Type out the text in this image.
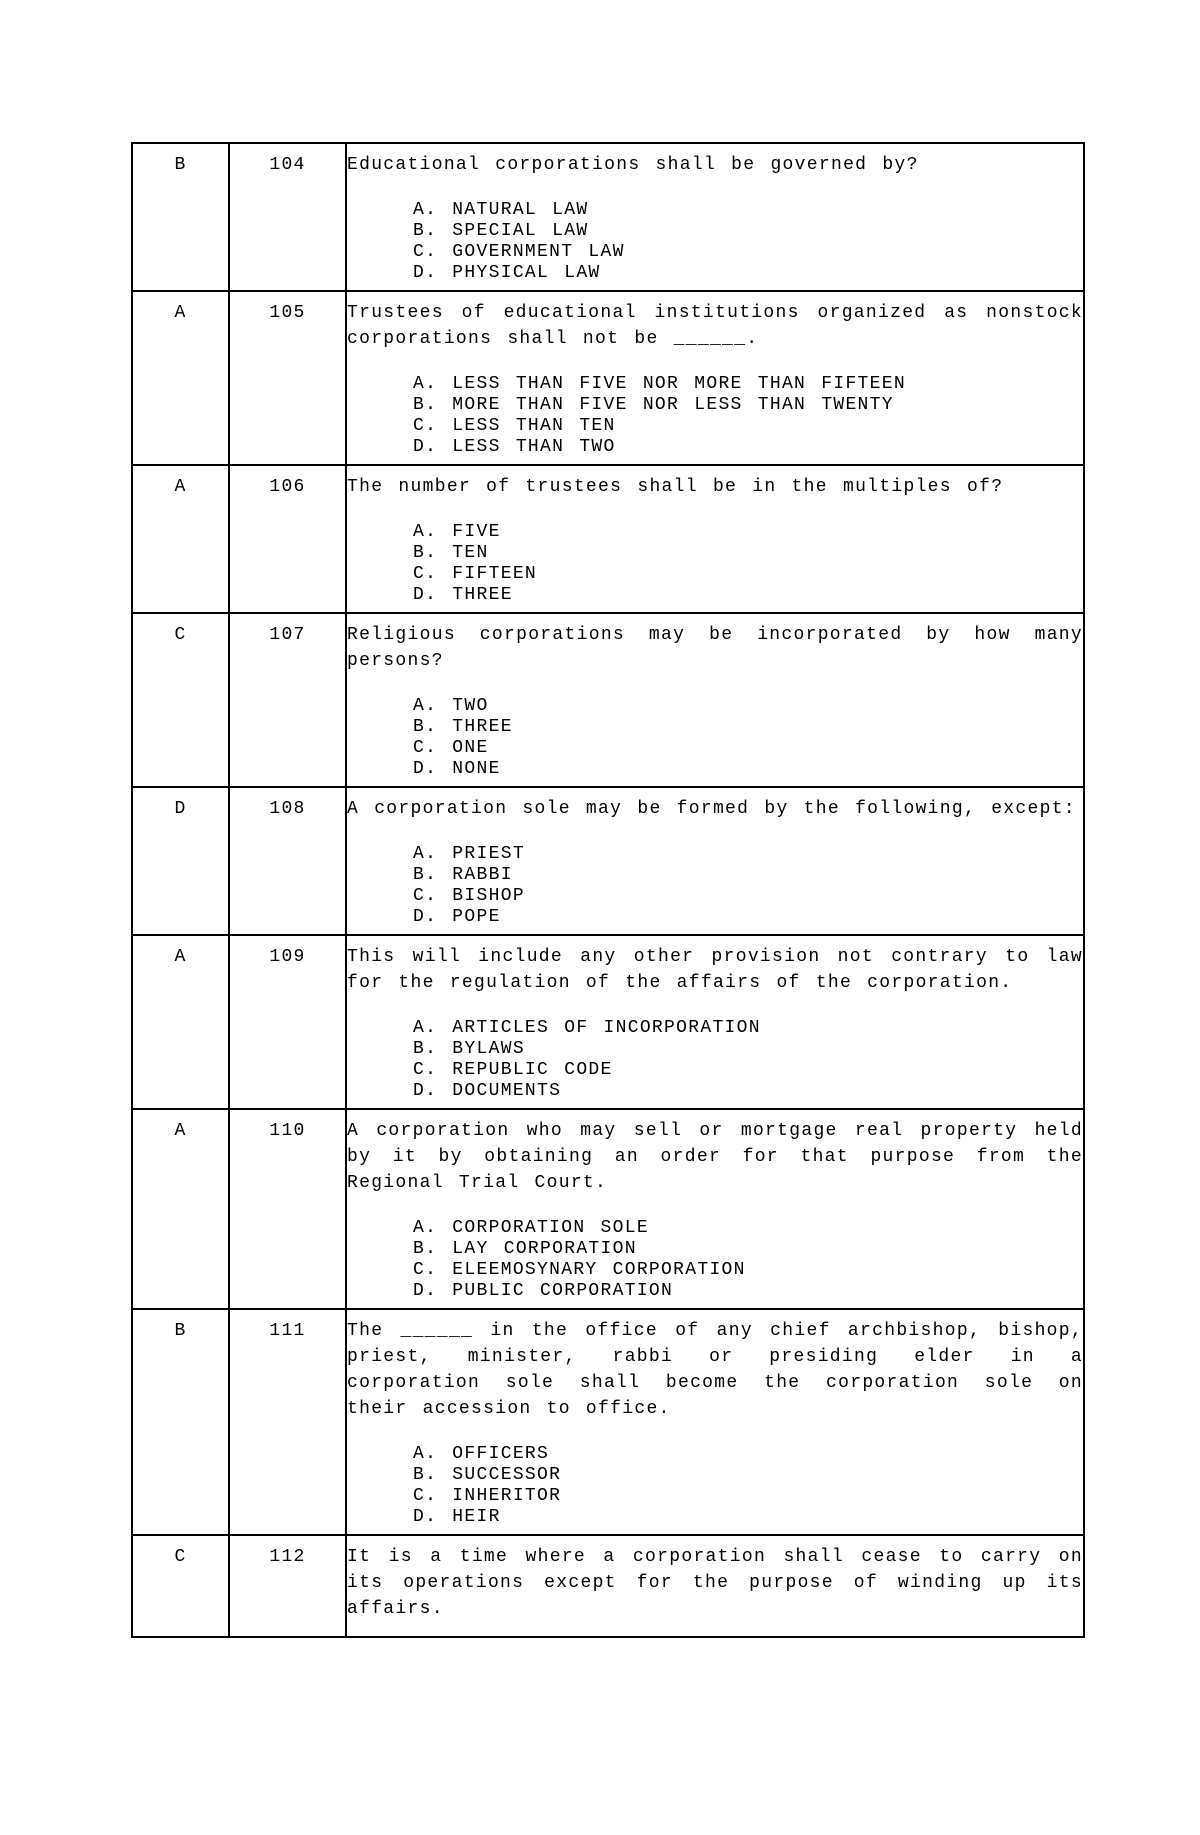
B	104	Educational corporations shall be governed by?
A. NATURAL LAW
B. SPECIAL LAW
C. GOVERNMENT LAW
D. PHYSICAL LAW

A	105	Trustees of educational institutions organized as nonstock corporations shall not be ______.
A. LESS THAN FIVE NOR MORE THAN FIFTEEN
B. MORE THAN FIVE NOR LESS THAN TWENTY
C. LESS THAN TEN
D. LESS THAN TWO

A	106	The number of trustees shall be in the multiples of?
A. FIVE
B. TEN
C. FIFTEEN
D. THREE

C	107	Religious corporations may be incorporated by how many persons?
A. TWO
B. THREE
C. ONE
D. NONE

D	108	A corporation sole may be formed by the following, except:
A. PRIEST
B. RABBI
C. BISHOP
D. POPE

A	109	This will include any other provision not contrary to law for the regulation of the affairs of the corporation.
A. ARTICLES OF INCORPORATION
B. BYLAWS
C. REPUBLIC CODE
D. DOCUMENTS

A	110	A corporation who may sell or mortgage real property held by it by obtaining an order for that purpose from the Regional Trial Court.
A. CORPORATION SOLE
B. LAY CORPORATION
C. ELEEMOSYNARY CORPORATION
D. PUBLIC CORPORATION

B	111	The ______ in the office of any chief archbishop, bishop, priest, minister, rabbi or presiding elder in a corporation sole shall become the corporation sole on their accession to office.
A. OFFICERS
B. SUCCESSOR
C. INHERITOR
D. HEIR

C	112	It is a time where a corporation shall cease to carry on its operations except for the purpose of winding up its affairs.
